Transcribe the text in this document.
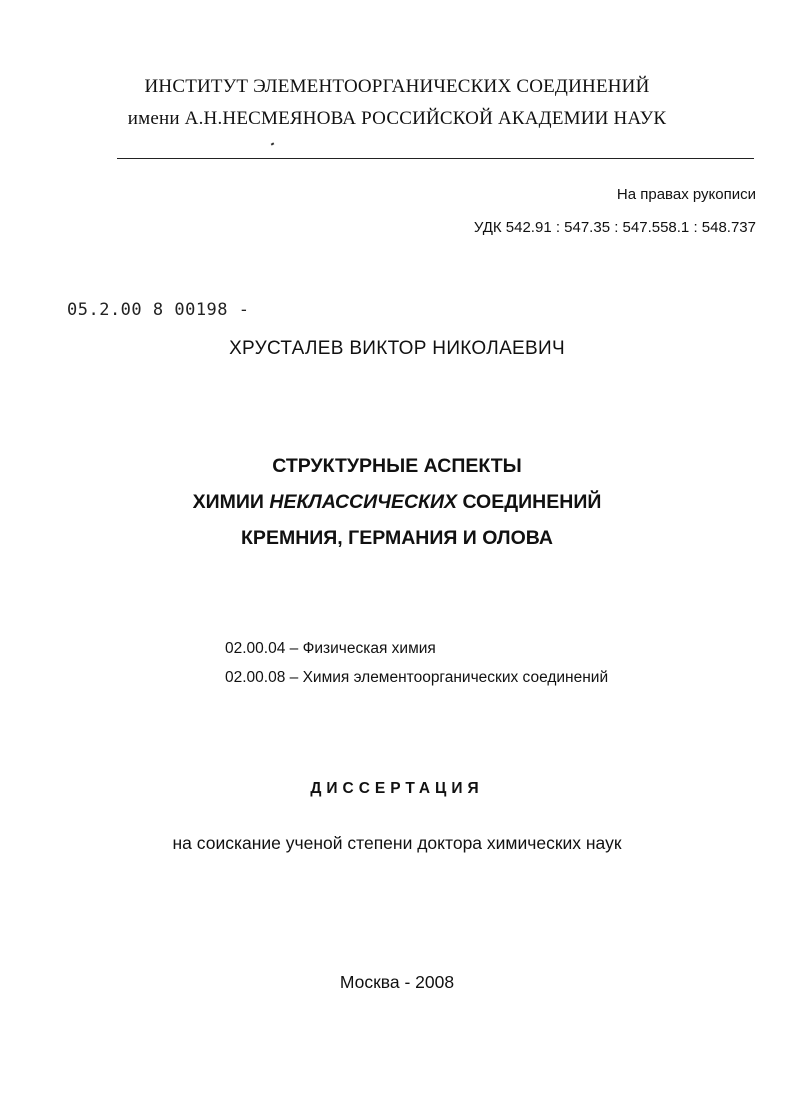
ИНСТИТУТ ЭЛЕМЕНТООРГАНИЧЕСКИХ СОЕДИНЕНИЙ
имени А.Н.НЕСМЕЯНОВА РОССИЙСКОЙ АКАДЕМИИ НАУК
На правах рукописи
УДК 542.91 : 547.35 : 547.558.1 : 548.737
05.2.00 8 00198 -
ХРУСТАЛЕВ ВИКТОР НИКОЛАЕВИЧ
СТРУКТУРНЫЕ АСПЕКТЫ
ХИМИИ НЕКЛАССИЧЕСКИХ СОЕДИНЕНИЙ
КРЕМНИЯ, ГЕРМАНИЯ И ОЛОВА
02.00.04 – Физическая химия
02.00.08 – Химия элементоорганических соединений
ДИССЕРТАЦИЯ
на соискание ученой степени доктора химических наук
Москва - 2008
